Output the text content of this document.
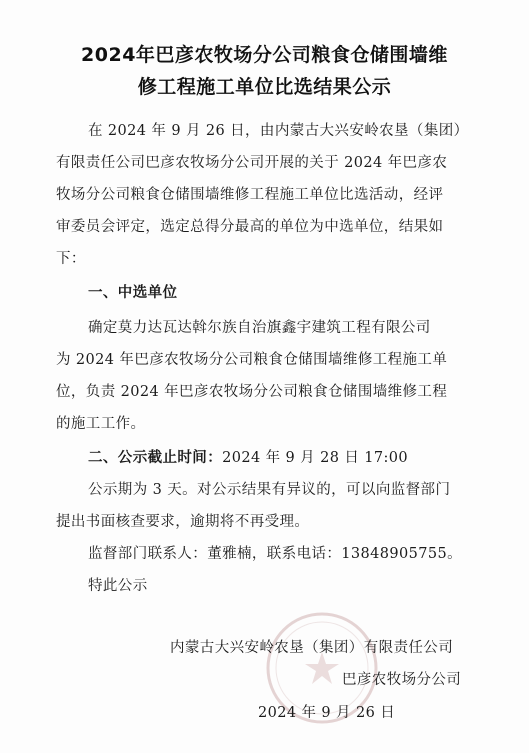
2024年巴彦农牧场分公司粮食仓储围墙维
修工程施工单位比选结果公示
在 2024 年 9 月 26 日，由内蒙古大兴安岭农垦（集团）
有限责任公司巴彦农牧场分公司开展的关于 2024 年巴彦农
牧场分公司粮食仓储围墙维修工程施工单位比选活动，经评
审委员会评定，选定总得分最高的单位为中选单位，结果如
下：
一、中选单位
确定莫力达瓦达斡尔族自治旗鑫宇建筑工程有限公司
为 2024 年巴彦农牧场分公司粮食仓储围墙维修工程施工单
位，负责 2024 年巴彦农牧场分公司粮食仓储围墙维修工程
的施工工作。
二、公示截止时间：2024 年 9 月 28 日 17:00
公示期为 3 天。对公示结果有异议的，可以向监督部门
提出书面核查要求，逾期将不再受理。
监督部门联系人：董雅楠，联系电话：13848905755。
特此公示
内蒙古大兴安岭农垦（集团）有限责任公司
巴彦农牧场分公司
2024 年 9 月 26 日
